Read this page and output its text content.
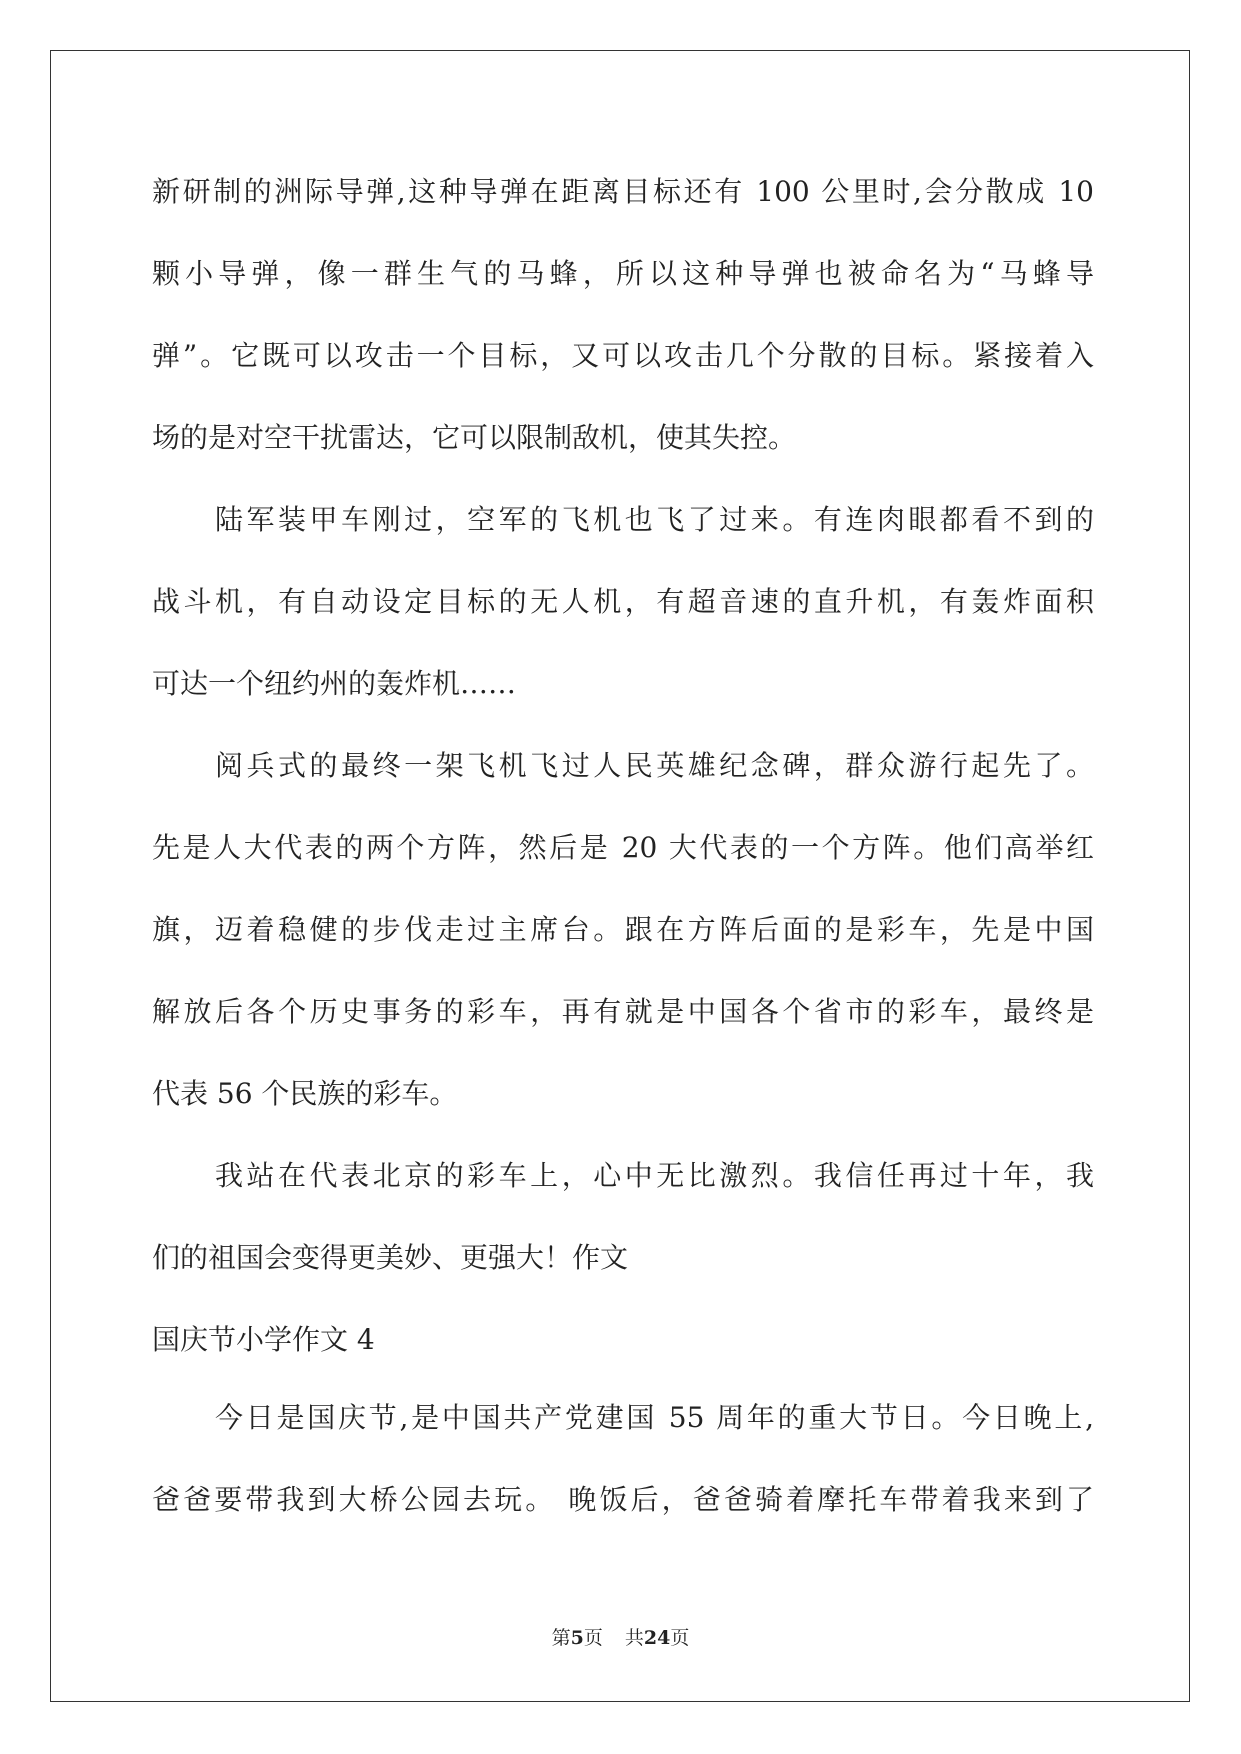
新研制的洲际导弹,这种导弹在距离目标还有 100 公里时,会分散成 10
颗小导弹，像一群生气的马蜂，所以这种导弹也被命名为“马蜂导
弹”。它既可以攻击一个目标，又可以攻击几个分散的目标。紧接着入
场的是对空干扰雷达，它可以限制敌机，使其失控。
陆军装甲车刚过，空军的飞机也飞了过来。有连肉眼都看不到的
战斗机，有自动设定目标的无人机，有超音速的直升机，有轰炸面积
可达一个纽约州的轰炸机……
阅兵式的最终一架飞机飞过人民英雄纪念碑，群众游行起先了。
先是人大代表的两个方阵，然后是 20 大代表的一个方阵。他们高举红
旗，迈着稳健的步伐走过主席台。跟在方阵后面的是彩车，先是中国
解放后各个历史事务的彩车，再有就是中国各个省市的彩车，最终是
代表 56 个民族的彩车。
我站在代表北京的彩车上，心中无比激烈。我信任再过十年，我
们的祖国会变得更美妙、更强大！作文
国庆节小学作文 4
今日是国庆节,是中国共产党建国 55 周年的重大节日。今日晚上,
爸爸要带我到大桥公园去玩。 晚饭后，爸爸骑着摩托车带着我来到了
第5页 共24页
